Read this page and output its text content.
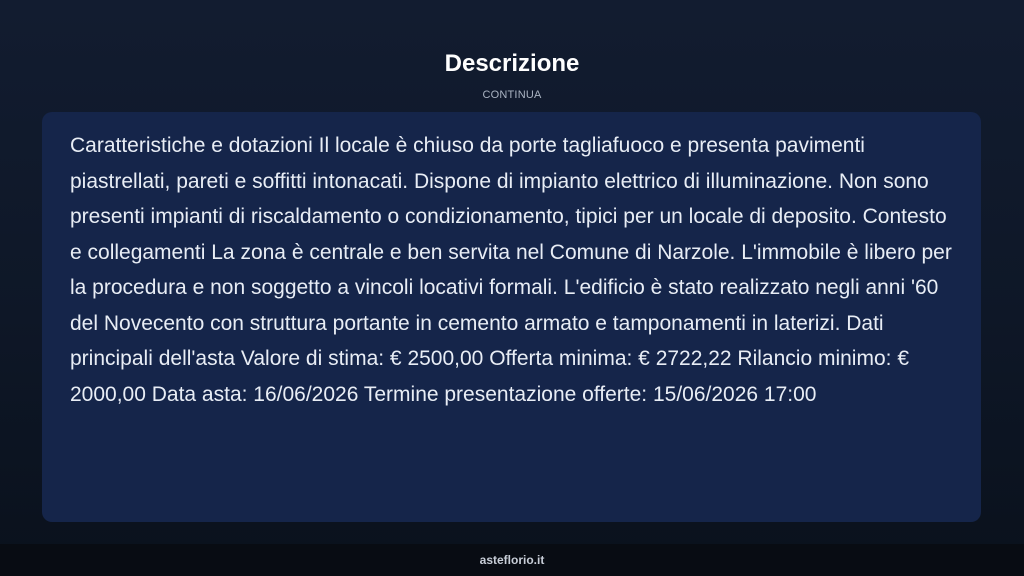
Descrizione
CONTINUA

Caratteristiche e dotazioni Il locale è chiuso da porte tagliafuoco e presenta pavimenti piastrellati, pareti e soffitti intonacati. Dispone di impianto elettrico di illuminazione. Non sono presenti impianti di riscaldamento o condizionamento, tipici per un locale di deposito. Contesto e collegamenti La zona è centrale e ben servita nel Comune di Narzole. L'immobile è libero per la procedura e non soggetto a vincoli locativi formali. L'edificio è stato realizzato negli anni '60 del Novecento con struttura portante in cemento armato e tamponamenti in laterizi. Dati principali dell'asta Valore di stima: € 2500,00 Offerta minima: € 2722,22 Rilancio minimo: € 2000,00 Data asta: 16/06/2026 Termine presentazione offerte: 15/06/2026 17:00

asteflorio.it
